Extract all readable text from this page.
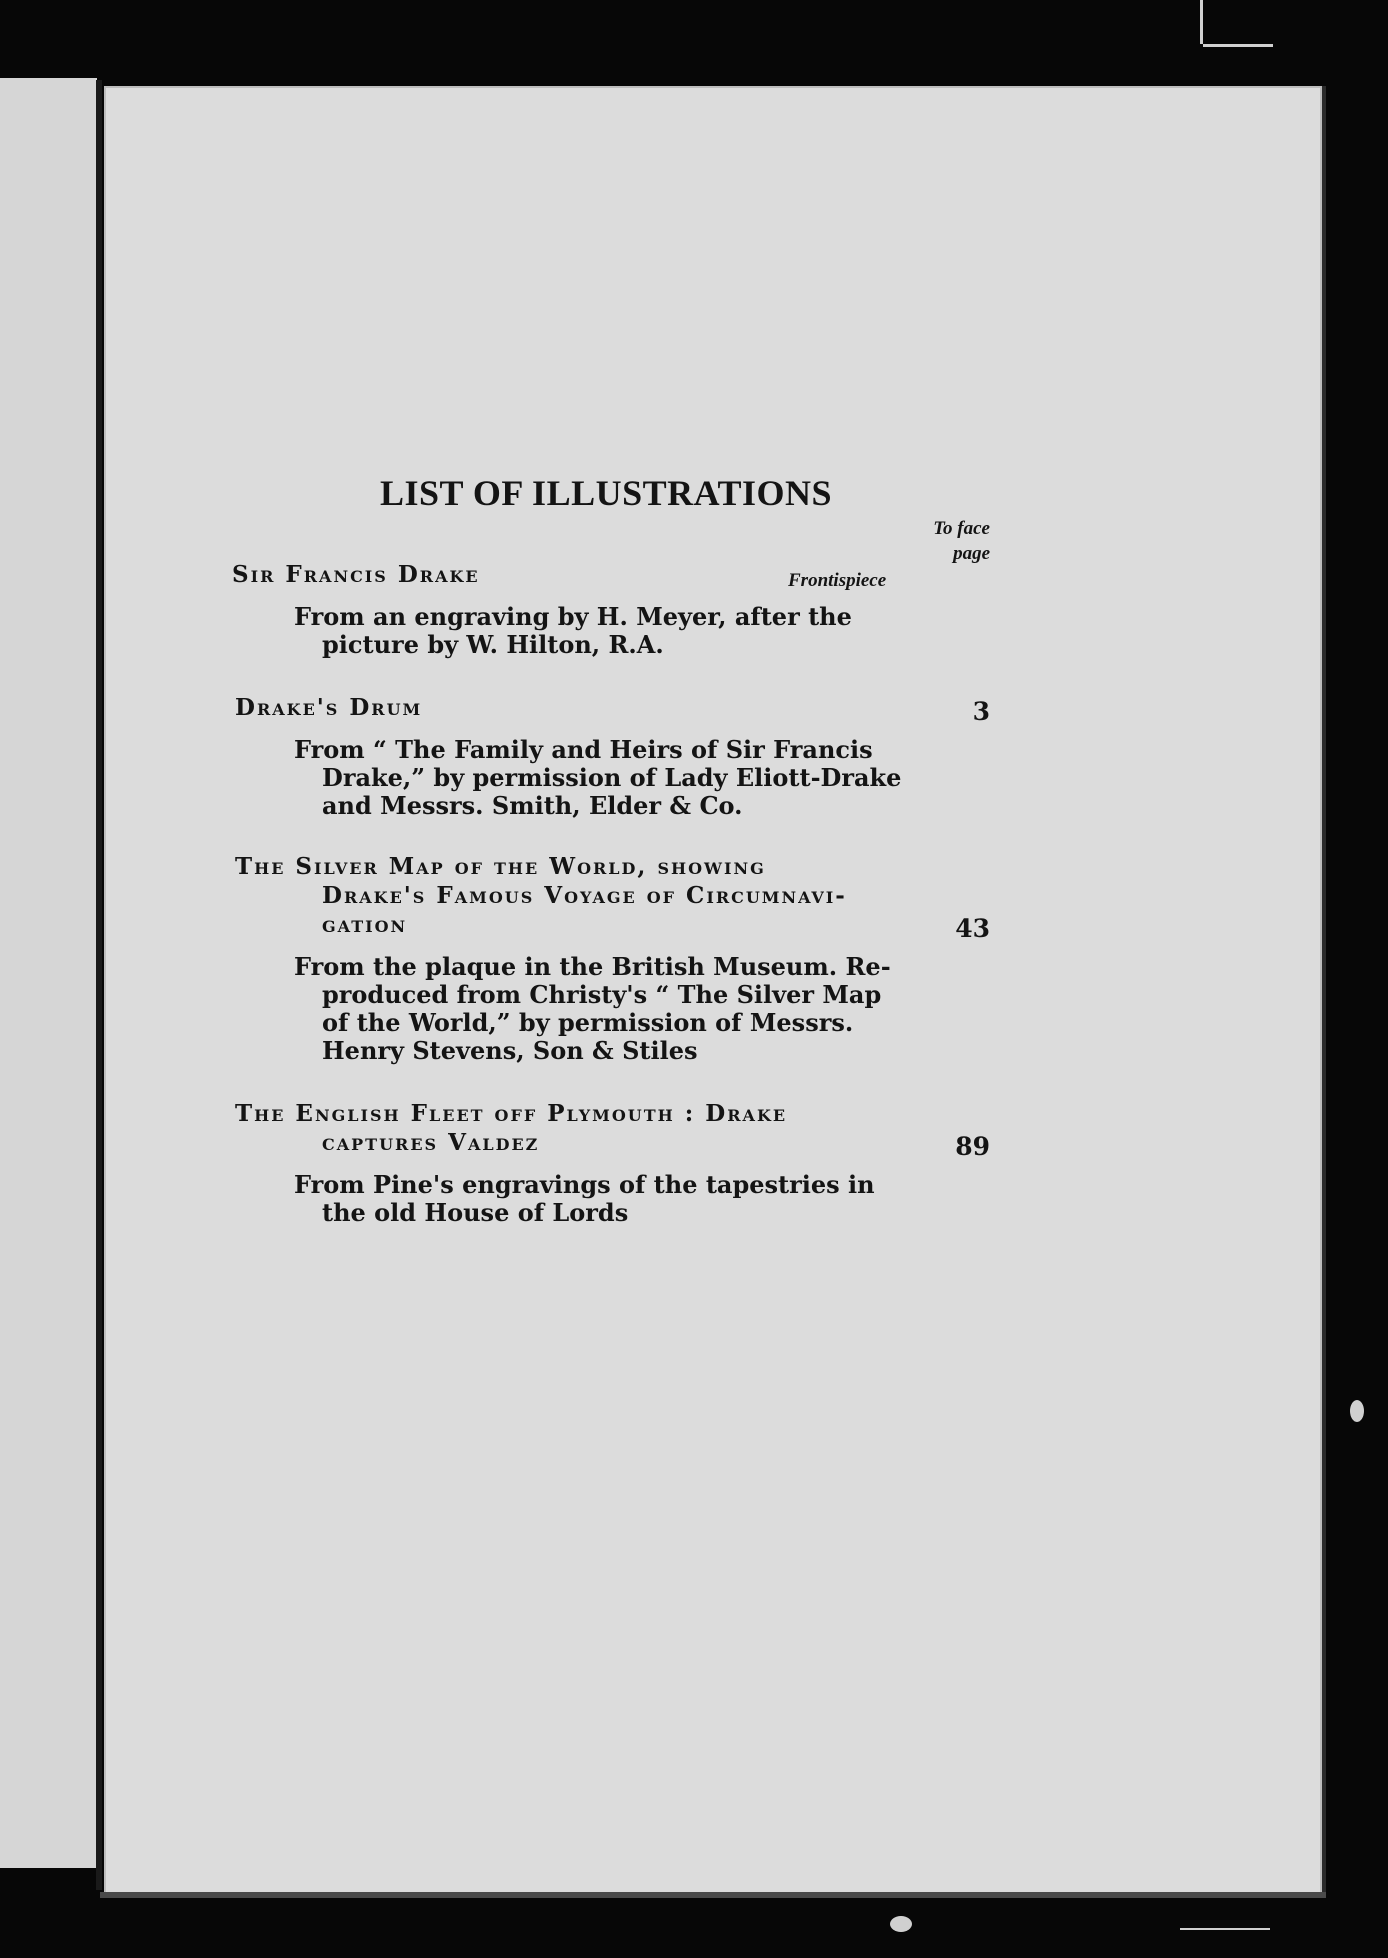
LIST OF ILLUSTRATIONS
To face
page
Sir Francis Drake	Frontispiece
From an engraving by H. Meyer, after the
picture by W. Hilton, R.A.
Drake's Drum	3
From “ The Family and Heirs of Sir Francis
Drake,” by permission of Lady Eliott-Drake
and Messrs. Smith, Elder & Co.
The Silver Map of the World, showing
Drake's Famous Voyage of Circumnavi-
gation	43
From the plaque in the British Museum. Re-
produced from Christy's “ The Silver Map
of the World,” by permission of Messrs.
Henry Stevens, Son & Stiles
The English Fleet off Plymouth : Drake
captures Valdez	89
From Pine's engravings of the tapestries in
the old House of Lords
